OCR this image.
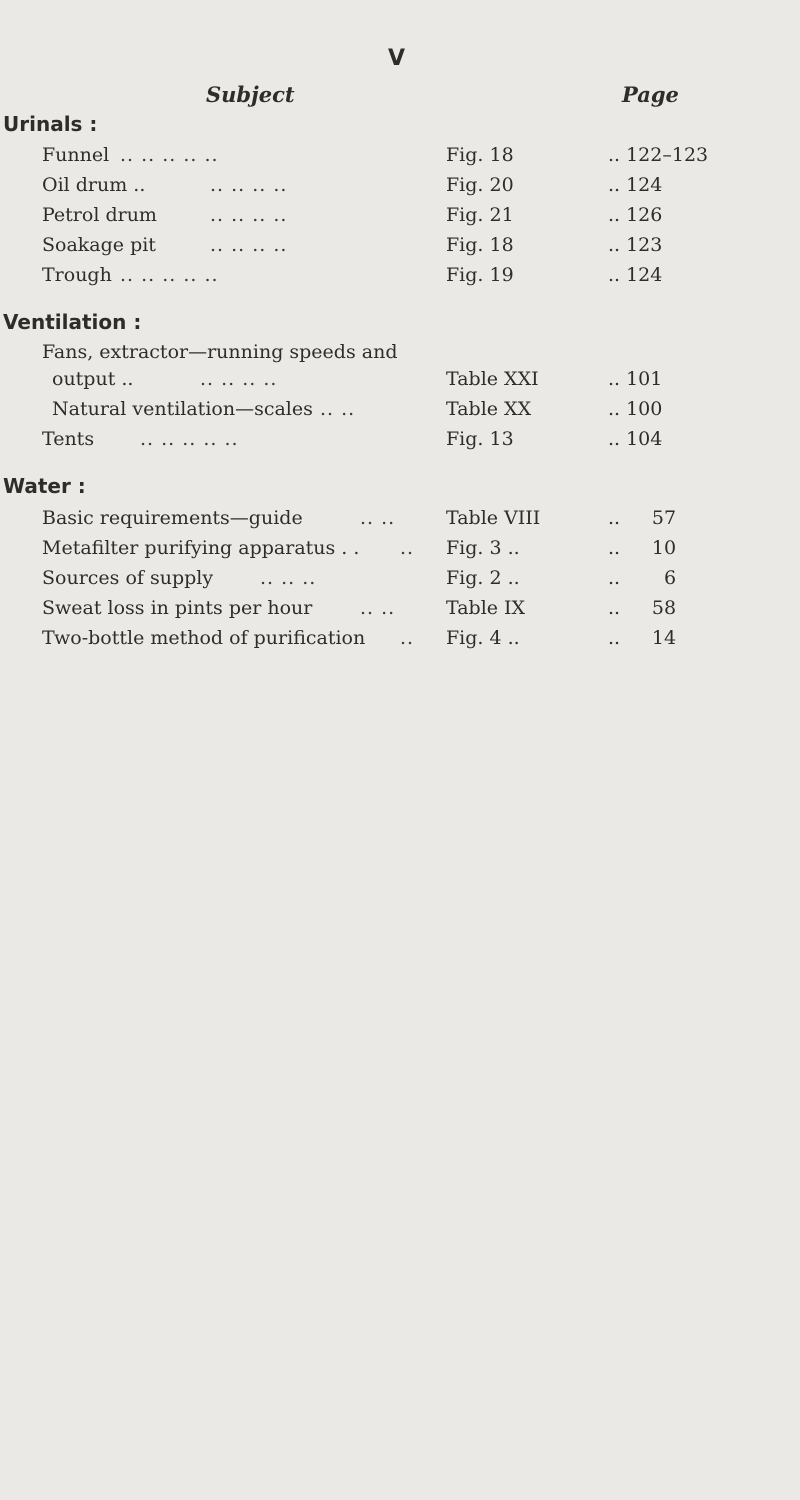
V
Subject	Page
Urinals :
Funnel .. .. .. .. ..	Fig. 18	.. 122–123
Oil drum ..	.. .. .. ..	Fig. 20	.. 124
Petrol drum	.. .. .. ..	Fig. 21	.. 126
Soakage pit	.. .. .. ..	Fig. 18	.. 123
Trough .. .. .. .. ..	Fig. 19	.. 124
Ventilation :
Fans, extractor—running speeds and
output ..	.. .. .. ..	Table XXI	.. 101
Natural ventilation—scales .. ..	Table XX	.. 100
Tents .. .. .. .. ..	Fig. 13	.. 104
Water :
Basic requirements—guide	.. ..	Table VIII	.. 57
Metafilter purifying apparatus . . .. Fig. 3 ..	.. 10
Sources of supply .. .. ..	Fig. 2 ..	.. 6
Sweat loss in pints per hour	.. ..	Table IX	.. 58
Two-bottle method of purification .. Fig. 4 ..	.. 14
